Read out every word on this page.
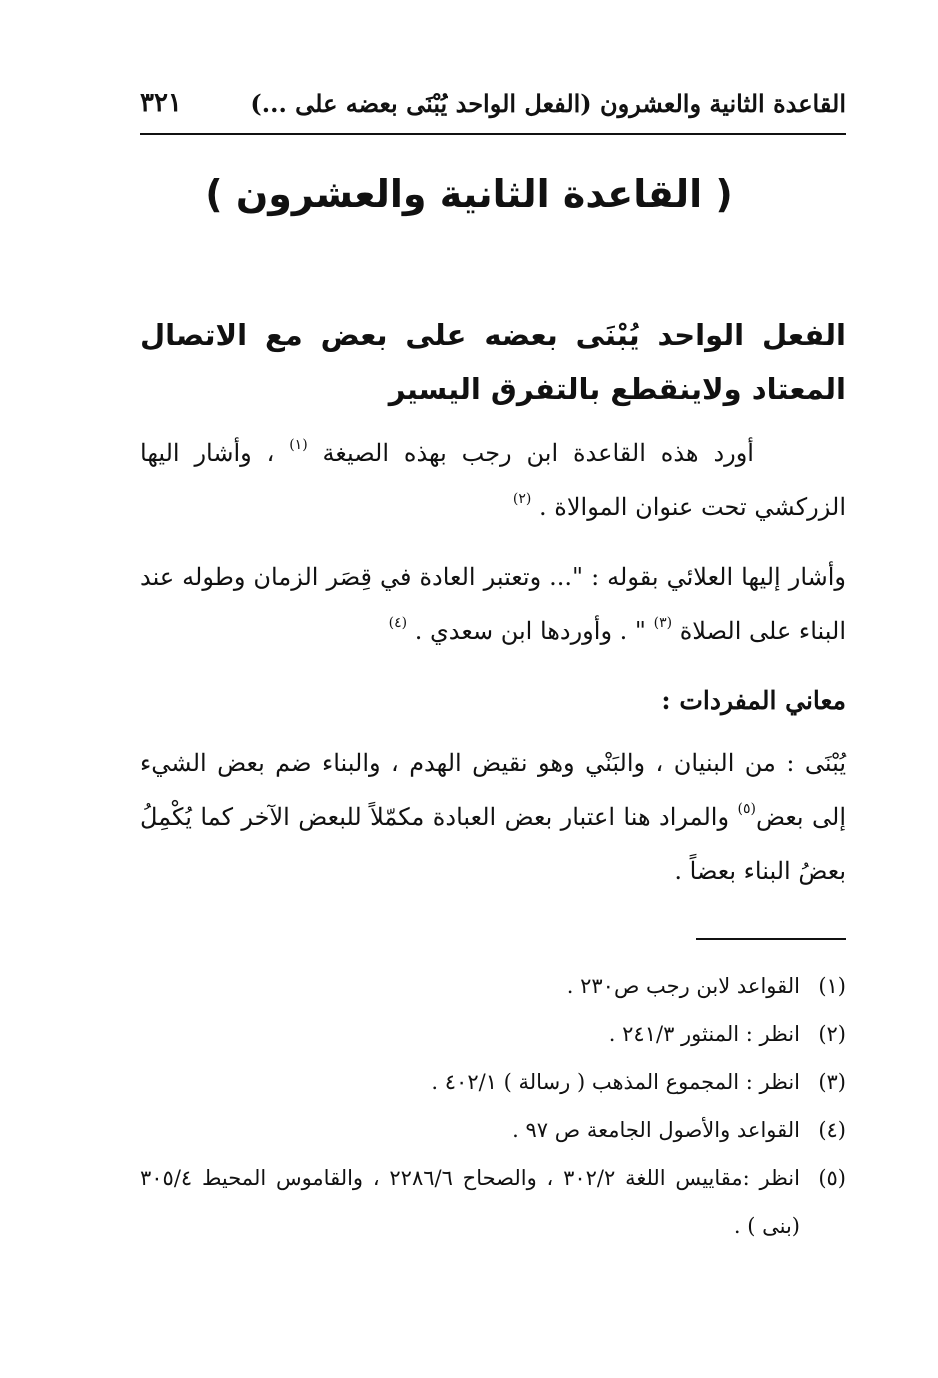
القاعدة الثانية والعشرون (الفعل الواحد يُبْنَى بعضه على ...)
٣٢١
( القاعدة الثانية والعشرون )
الفعل الواحد يُبْنَى بعضه على بعض مع الاتصال المعتاد ولاينقطع بالتفرق اليسير

أورد هذه القاعدة ابن رجب بهذه الصيغة $^{(١)}$ ، وأشار اليها الزركشي تحت عنوان الموالاة . $^{(٢)}$

وأشار إليها العلائي بقوله : "... وتعتبر العادة في قِصَر الزمان وطوله عند البناء على الصلاة $^{(٣)}$ " . وأوردها ابن سعدي . $^{(٤)}$

معاني المفردات :

يُبْنَى : من البنيان ، والبَنْي وهو نقيض الهدم ، والبناء ضم بعض الشيء إلى بعض$^{(٥)}$ والمراد هنا اعتبار بعض العبادة مكمّلاً للبعض الآخر كما يُكْمِلُ بعضُ البناء بعضاً .

(١)
القواعد لابن رجب ص٢٣٠ .
(٢)
انظر : المنثور ٢٤١/٣ .
(٣)
انظر : المجموع المذهب ( رسالة ) ٤٠٢/١ .
(٤)
القواعد والأصول الجامعة ص ٩٧ .
(٥)
انظر :مقاييس اللغة ٣٠٢/٢ ، والصحاح ٢٢٨٦/٦ ، والقاموس المحيط ٣٠٥/٤ (بنى ) .
